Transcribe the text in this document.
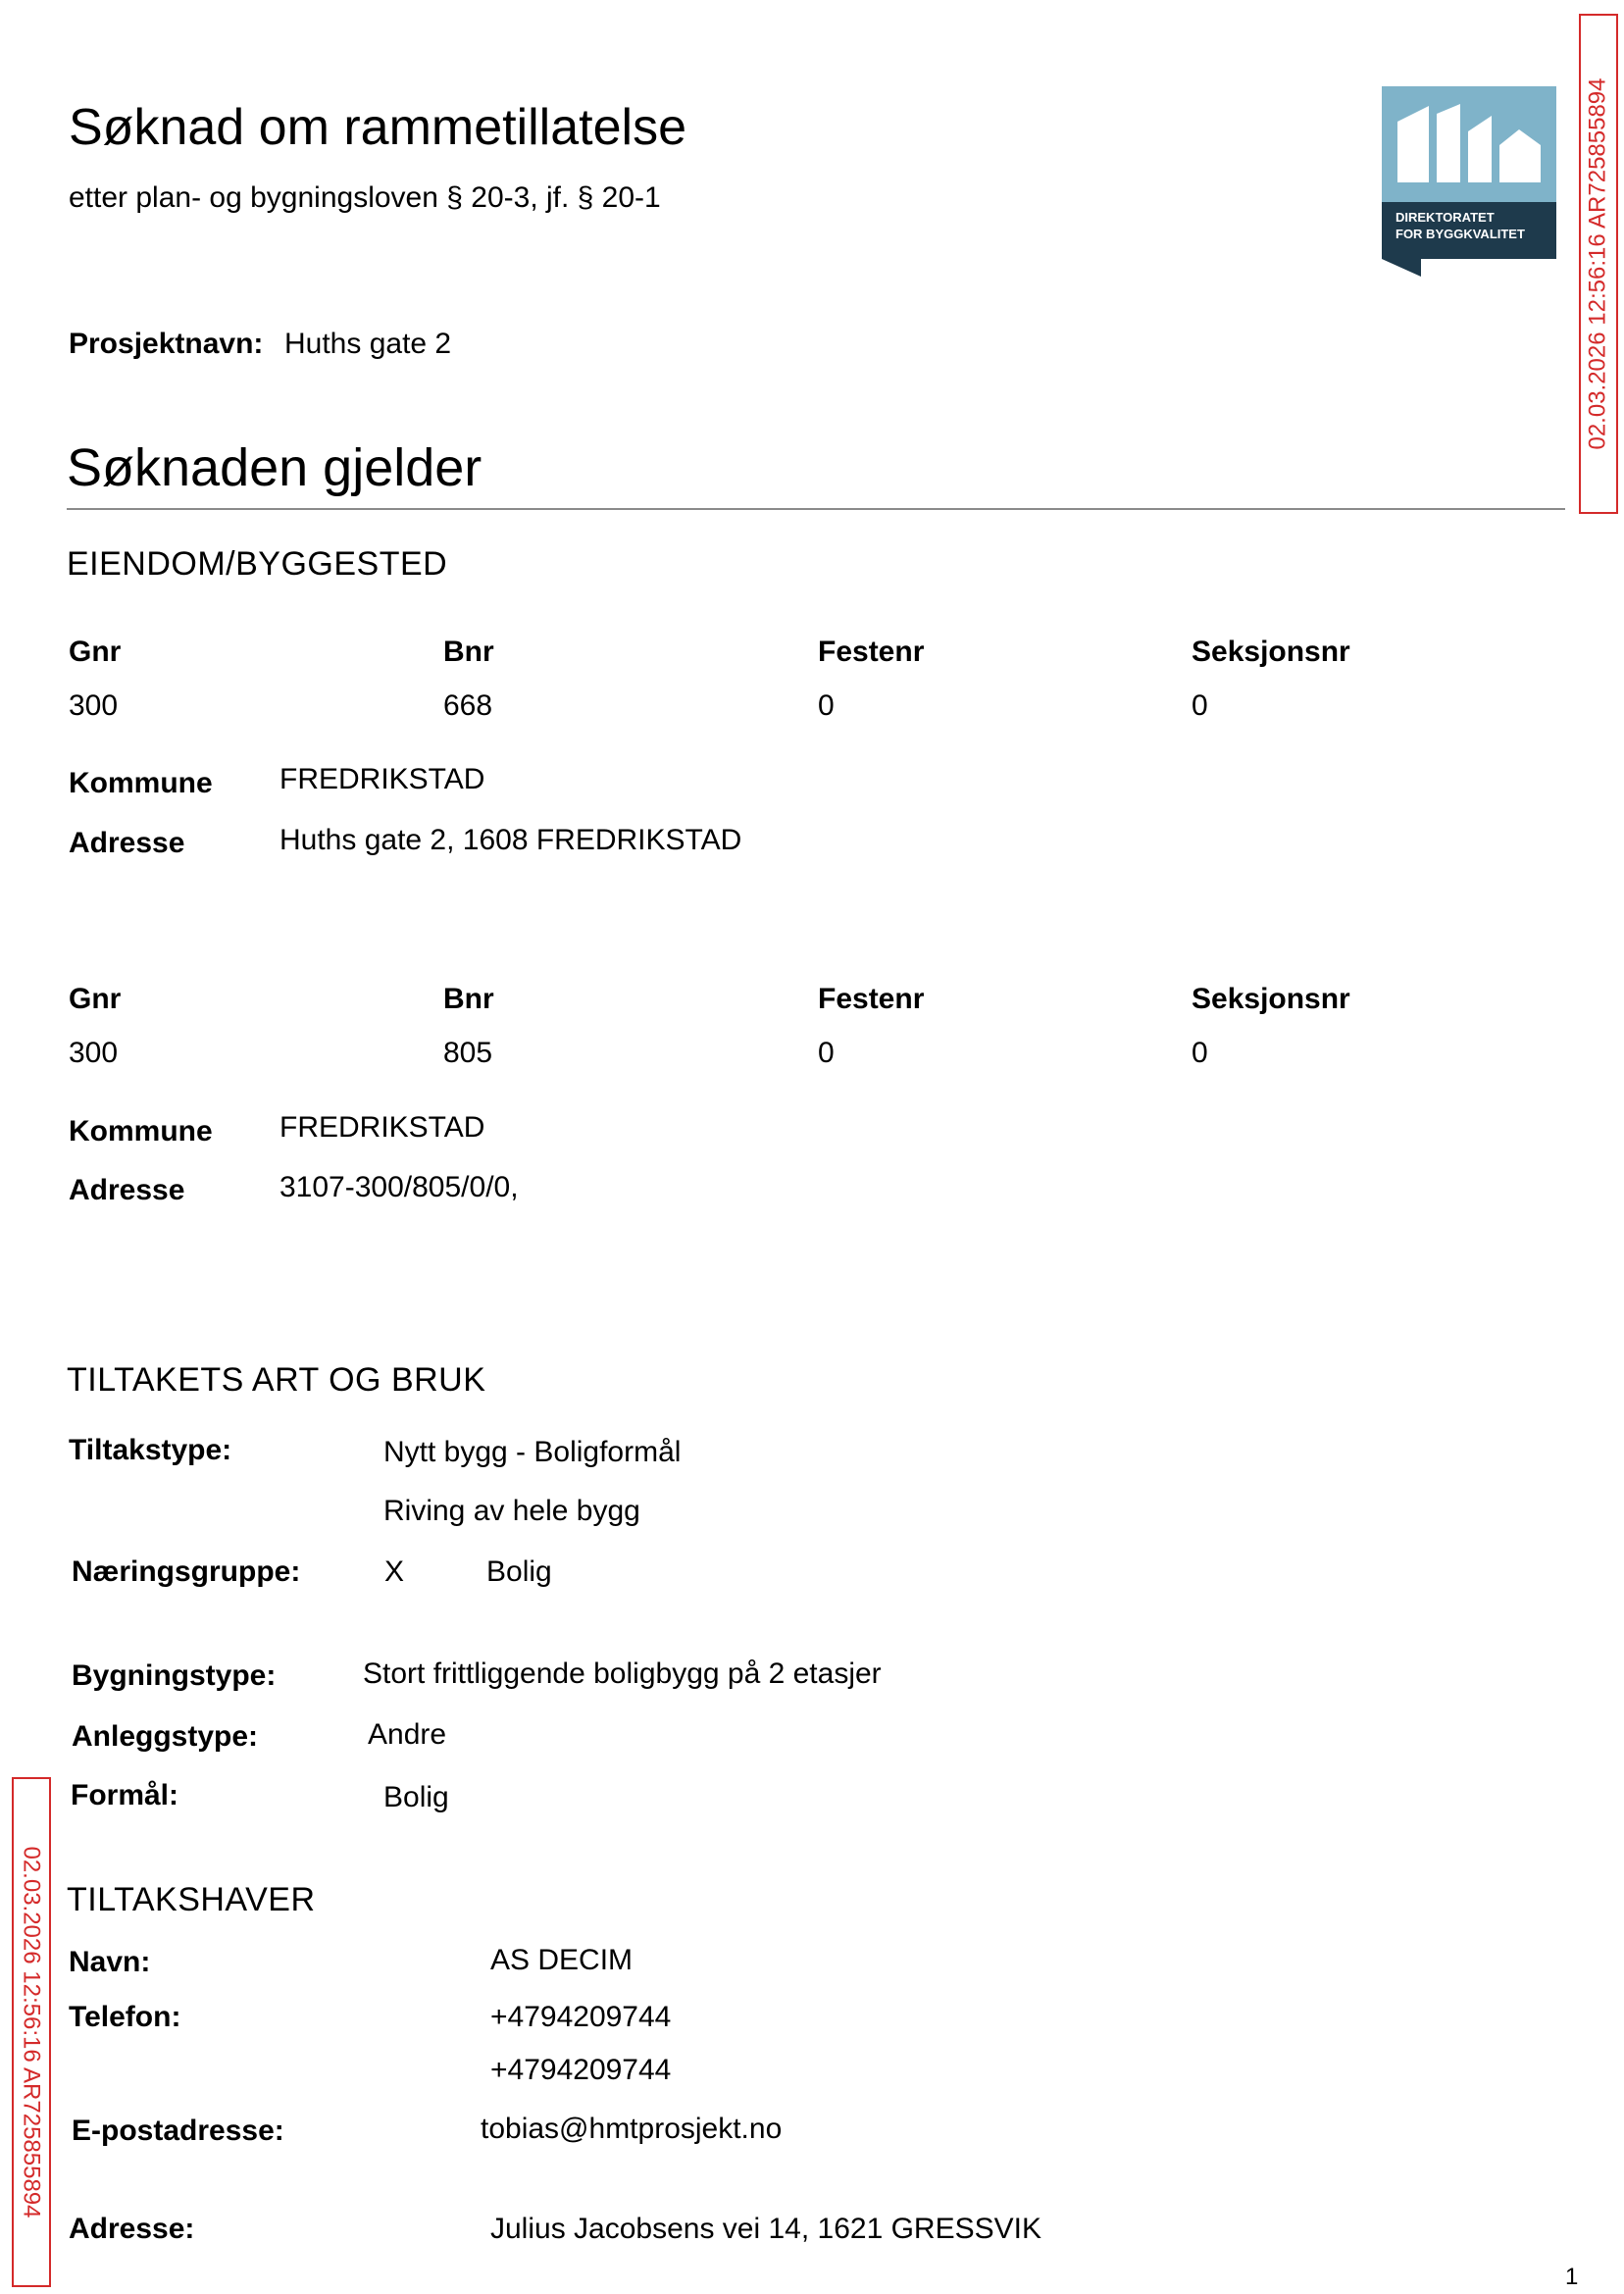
Søknad om rammetillatelse
etter plan- og bygningsloven § 20-3, jf. § 20-1
Prosjektnavn: Huths gate 2
DIREKTORATET
FOR BYGGKVALITET	02.03.2026 12:56:16 AR725855894
02.03.2026 12:56:16 AR725855894
Søknaden gjelder
EIENDOM/BYGGESTED
Gnr	Bnr	Festenr	Seksjonsnr
300	668	0	0
Kommune FREDRIKSTAD
Adresse	Huths gate 2, 1608 FREDRIKSTAD
Gnr	Bnr	Festenr	Seksjonsnr
300	805	0	0
Kommune FREDRIKSTAD
Adresse	3107-300/805/0/0,
TILTAKETS ART OG BRUK
Tiltakstype:	Nytt bygg - Boligformål
Riving av hele bygg
Næringsgruppe:	X	Bolig
Bygningstype:	Stort frittliggende boligbygg på 2 etasjer
Anleggstype:	Andre
Formål:	Bolig
TILTAKSHAVER
Navn:	AS DECIM
Telefon:	+4794209744
+4794209744
E-postadresse:	tobias@hmtprosjekt.no
Adresse:	Julius Jacobsens vei 14, 1621 GRESSVIK
1
